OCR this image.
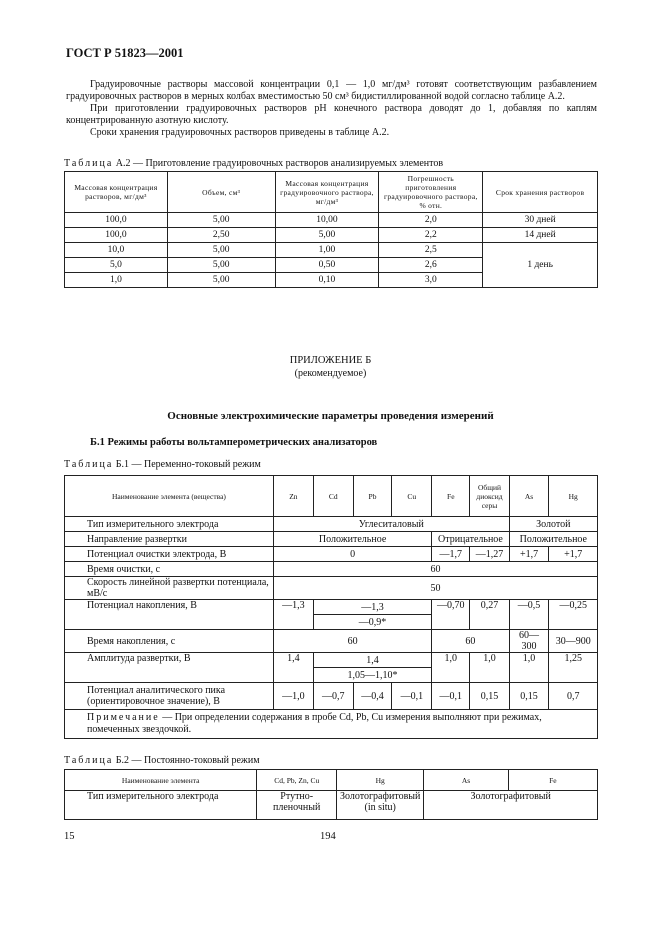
ГОСТ Р 51823—2001

Градуировочные растворы массовой концентрации 0,1 — 1,0 мг/дм³ готовят соответствующим разбавлением градуировочных растворов в мерных колбах вместимостью 50 см³ бидистиллированной водой согласно таблице А.2.

При приготовлении градуировочных растворов pH конечного раствора доводят до 1, добавляя по каплям концентрированную азотную кислоту.

Сроки хранения градуировочных растворов приведены в таблице А.2.

Таблица А.2 — Приготовление градуировочных растворов анализируемых элементов
Массовая концентрация растворов, мг/дм³	Объем, см³	Массовая концентрация градуировочного раствора, мг/дм³	Погрешность приготовления градуировочного раствора, % отн.	Срок хранения растворов
100,0	5,00	10,00	2,0	30 дней
100,0	2,50	5,00	2,2	14 дней
10,0	5,00	1,00	2,5	1 день
5,0	5,00	0,50	2,6	
1,0	5,00	0,10	3,0	
ПРИЛОЖЕНИЕ Б
(рекомендуемое)
Основные электрохимические параметры проведения измерений
Б.1 Режимы работы вольтамперометрических анализаторов
Таблица Б.1 — Переменно-токовый режим
Наименование элемента (вещества)	Zn	Cd	Pb	Cu	Fe	Общий диоксид серы	As	Hg
Тип измерительного электрода	Углеситаловый						Золотой	
Направление развертки	Положительное				Отрицательное		Положительное	
Потенциал очистки электрода, В	0				—1,7	—1,27	+1,7	+1,7
Время очистки, с	60							
Скорость линейной развертки потенциала, мВ/с	50							
Потенциал накопления, В	—1,3	—1,3			—0,70	0,27	—0,5	—0,25
		—0,9*						
Время накопления, с	60				60		60—300	30—900
Амплитуда развертки, В	1,4	1,4			1,0	1,0	1,0	1,25
		1,05—1,10*						
Потенциал аналитического пика (ориентировочное значение), В	—1,0	—0,7	—0,4	—0,1	—0,1	0,15	0,15	0,7
Примечание — При определении содержания в пробе Cd, Pb, Cu измерения выполняют при режимах, помеченных звездочкой.								
Таблица Б.2 — Постоянно-токовый режим
Наименование элемента	Cd, Pb, Zn, Cu	Hg	As	Fe
Тип измерительного электрода	Ртутно-пленочный	Золотографитовый (in situ)	Золотографитовый	
15	194
